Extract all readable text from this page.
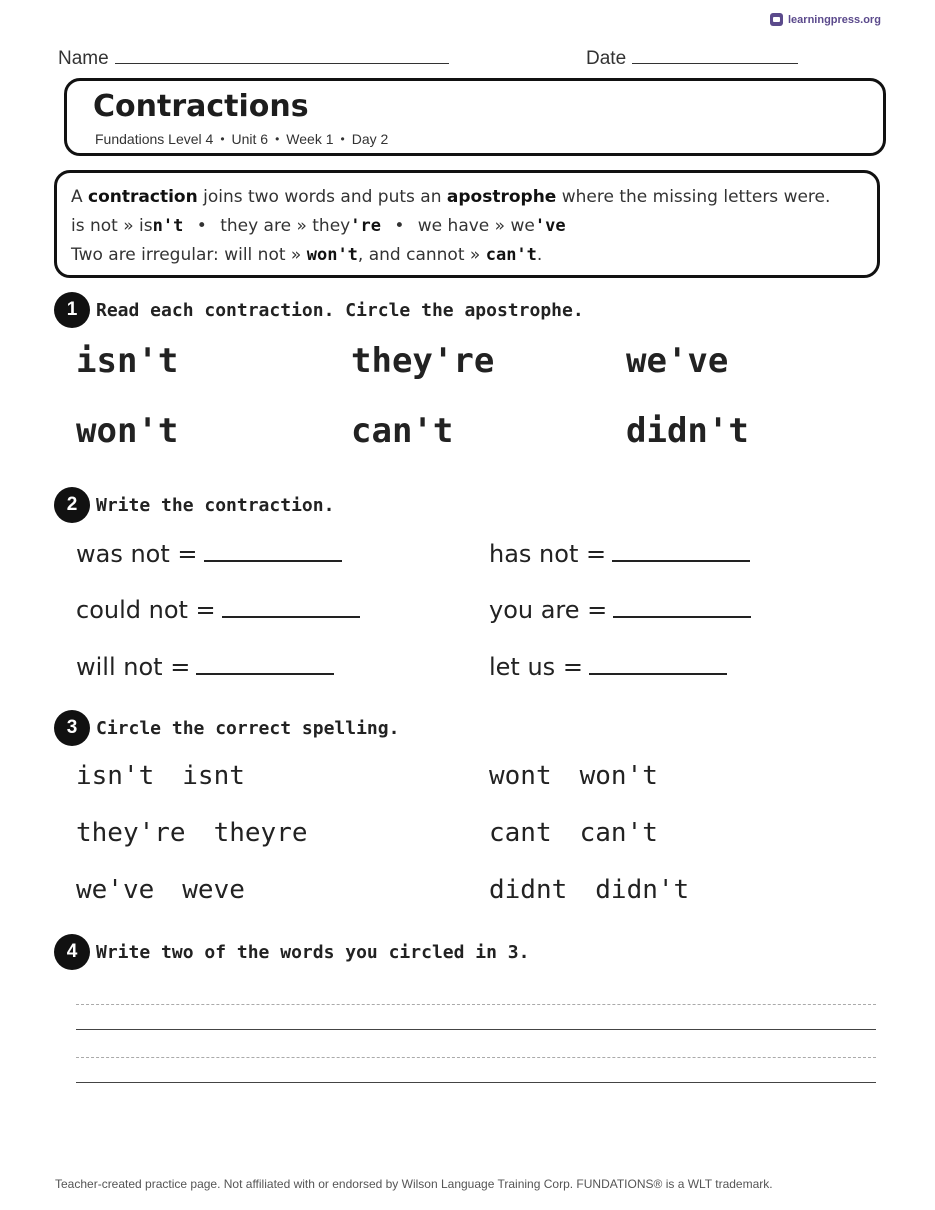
learningpress.org
Name	Date
Contractions
Fundations Level 4 • Unit 6 • Week 1 • Day 2
A contraction joins two words and puts an apostrophe where the missing letters were.
is not » isn't • they are » they're • we have » we've
Two are irregular: will not » won't, and cannot » can't.
1	Read each contraction. Circle the apostrophe.
isn't	they're	we've
won't	can't	didn't
2	Write the contraction.
was not =	has not =
could not =	you are =
will not =	let us =
3	Circle the correct spelling.
isn't isnt	wont won't
they're theyre	cant can't
we've weve	didnt didn't
4	Write two of the words you circled in 3.
Teacher-created practice page. Not affiliated with or endorsed by Wilson Language Training Corp. FUNDATIONS® is a WLT trademark.
